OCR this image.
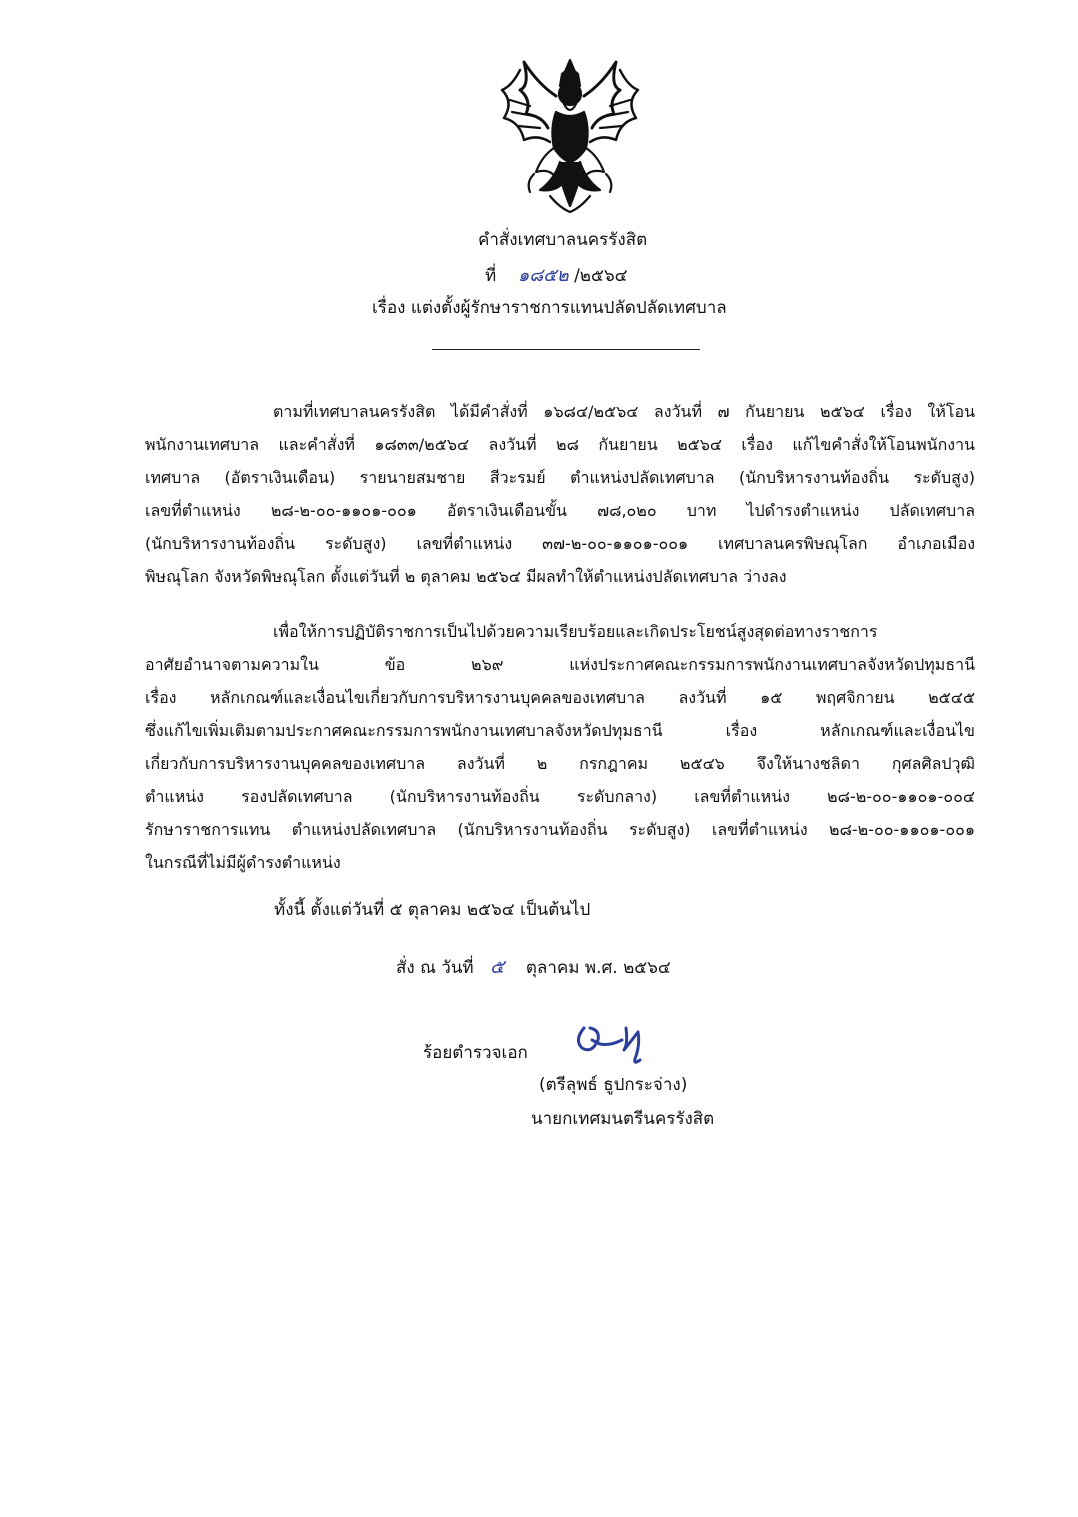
คำสั่งเทศบาลนครรังสิต
ที่ ๑๘๕๒ /๒๕๖๔
เรื่อง แต่งตั้งผู้รักษาราชการแทนปลัดปลัดเทศบาล
ตามที่เทศบาลนครรังสิต ได้มีคำสั่งที่ ๑๖๘๔/๒๕๖๔ ลงวันที่ ๗ กันยายน ๒๕๖๔ เรื่อง ให้โอน
พนักงานเทศบาล และคำสั่งที่ ๑๘๓๓/๒๕๖๔ ลงวันที่ ๒๘ กันยายน ๒๕๖๔ เรื่อง แก้ไขคำสั่งให้โอนพนักงาน
เทศบาล (อัตราเงินเดือน) รายนายสมชาย สีวะรมย์ ตำแหน่งปลัดเทศบาล (นักบริหารงานท้องถิ่น ระดับสูง)
เลขที่ตำแหน่ง ๒๘-๒-๐๐-๑๑๐๑-๐๐๑ อัตราเงินเดือนขั้น ๗๘,๐๒๐ บาท ไปดำรงตำแหน่ง ปลัดเทศบาล
(นักบริหารงานท้องถิ่น ระดับสูง) เลขที่ตำแหน่ง ๓๗-๒-๐๐-๑๑๐๑-๐๐๑ เทศบาลนครพิษณุโลก อำเภอเมือง
พิษณุโลก จังหวัดพิษณุโลก ตั้งแต่วันที่ ๒ ตุลาคม ๒๕๖๔ มีผลทำให้ตำแหน่งปลัดเทศบาล ว่างลง
เพื่อให้การปฏิบัติราชการเป็นไปด้วยความเรียบร้อยและเกิดประโยชน์สูงสุดต่อทางราชการ
อาศัยอำนาจตามความใน ข้อ ๒๖๙ แห่งประกาศคณะกรรมการพนักงานเทศบาลจังหวัดปทุมธานี
เรื่อง หลักเกณฑ์และเงื่อนไขเกี่ยวกับการบริหารงานบุคคลของเทศบาล ลงวันที่ ๑๕ พฤศจิกายน ๒๕๔๕
ซึ่งแก้ไขเพิ่มเติมตามประกาศคณะกรรมการพนักงานเทศบาลจังหวัดปทุมธานี เรื่อง หลักเกณฑ์และเงื่อนไข
เกี่ยวกับการบริหารงานบุคคลของเทศบาล ลงวันที่ ๒ กรกฎาคม ๒๕๔๖ จึงให้นางชลิดา กุศลศิลปวุฒิ
ตำแหน่ง รองปลัดเทศบาล (นักบริหารงานท้องถิ่น ระดับกลาง) เลขที่ตำแหน่ง ๒๘-๒-๐๐-๑๑๐๑-๐๐๔
รักษาราชการแทน ตำแหน่งปลัดเทศบาล (นักบริหารงานท้องถิ่น ระดับสูง) เลขที่ตำแหน่ง ๒๘-๒-๐๐-๑๑๐๑-๐๐๑
ในกรณีที่ไม่มีผู้ดำรงตำแหน่ง
ทั้งนี้ ตั้งแต่วันที่ ๕ ตุลาคม ๒๕๖๔ เป็นต้นไป
สั่ง ณ วันที่ ๕ ตุลาคม พ.ศ. ๒๕๖๔
ร้อยตำรวจเอก
(ตรีลุพธ์ ธูปกระจ่าง)
นายกเทศมนตรีนครรังสิต
